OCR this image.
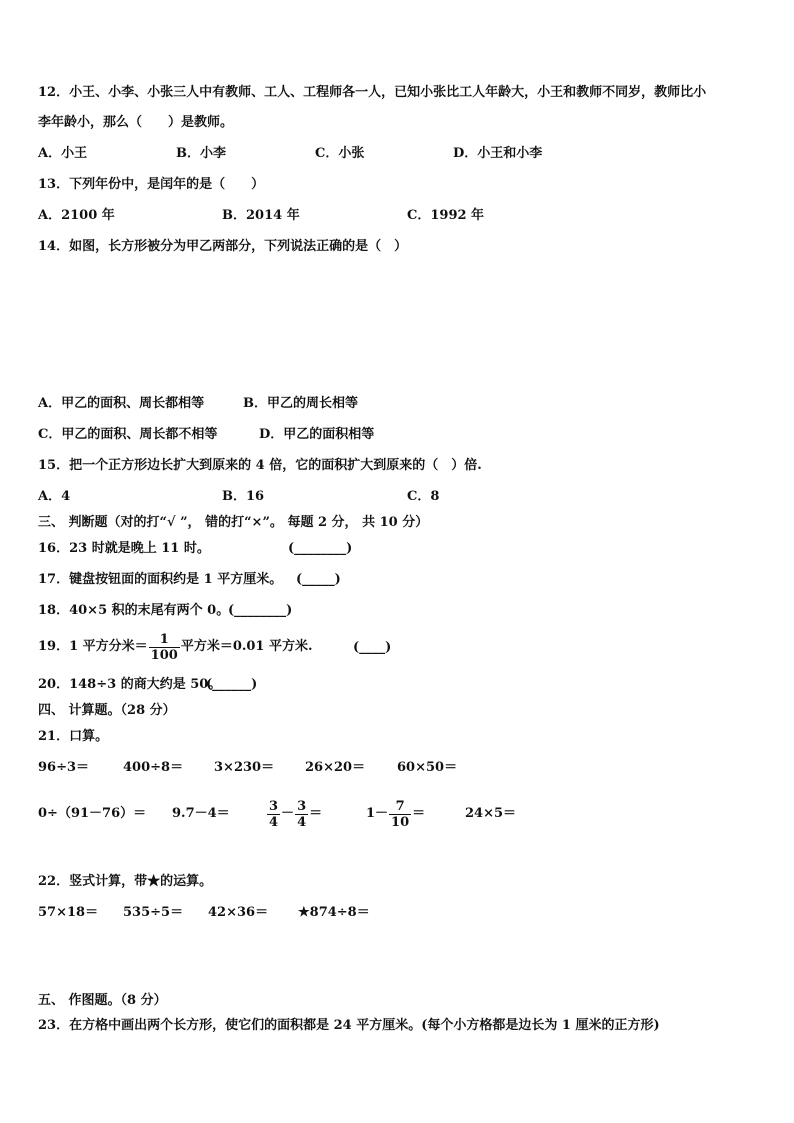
12．小王、小李、小张三人中有教师、工人、工程师各一人，已知小张比工人年龄大，小王和教师不同岁，教师比小
李年龄小，那么（　　）是教师。
A．小王	B．小李	C．小张	D．小王和小李
13．下列年份中，是闰年的是（　　）
A．2100 年	B．2014 年	C．1992 年
14．如图，长方形被分为甲乙两部分，下列说法正确的是（　）
A．甲乙的面积、周长都相等	B．甲乙的周长相等
C．甲乙的面积、周长都不相等	D．甲乙的面积相等
15．把一个正方形边长扩大到原来的 4 倍，它的面积扩大到原来的（　）倍.
A．4	B．16	C．8
三、 判断题（对的打“√ ”， 错的打“×”。 每题 2 分， 共 10 分）
16．23 时就是晚上 11 时。	(________)
17．键盘按钮面的面积约是 1 平方厘米。 (_____)
18．40×5 积的末尾有两个 0。
(________)
19．1 平方分米＝ $\frac{1}{100}$ 平方米＝0.01 平方米.	(____)
20．148÷3 的商大约是 50。
(______)
四、 计算题。（28 分）
21．口算。
96÷3＝	400÷8＝ 3×230＝ 26×20＝ 60×50＝
0÷（91－76）＝ 9.7－4＝	$\frac{3}{4} - \frac{3}{4}$ ＝	$1- \frac{7}{10}$ ＝	24×5＝
22．竖式计算，带★的运算。
57×18＝ 535÷5＝ 42×36＝ ★874÷8＝
五、 作图题。（8 分）
23．在方格中画出两个长方形，使它们的面积都是 24 平方厘米。(每个小方格都是边长为 1 厘米的正方形)
